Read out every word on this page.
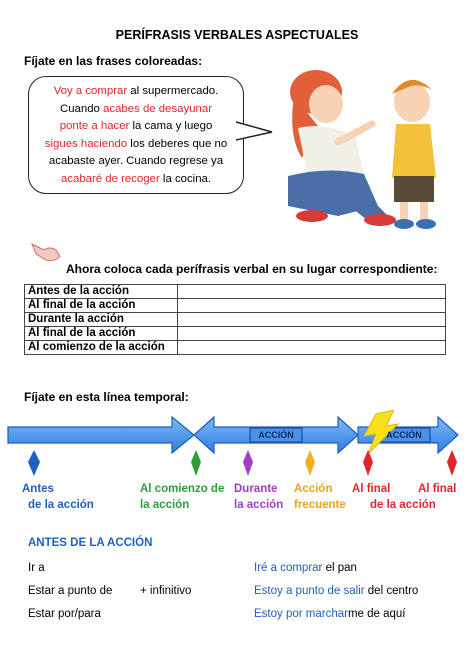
PERÍFRASIS VERBALES ASPECTUALES
Fíjate en las frases coloreadas:
Voy a comprar al supermercado.
Cuando acabes de desayunar
ponte a hacer la cama y luego
sigues haciendo los deberes que no
acabaste ayer. Cuando regrese ya
acabaré de recoger la cocina.
Ahora coloca cada perífrasis verbal en su lugar correspondiente:
Antes de la acción	
Al final de la acción	
Durante la acción	
Al final de la acción	
Al comienzo de la acción	
Fíjate en esta línea temporal:
ACCIÓN	ACCIÓN
Antes
de la acción
Al comienzo de
la acción
Durante
la acción
Acción
frecuente
Al final
de la acción
Al final
ANTES DE LA ACCIÓN
Ir a	Iré a comprar el pan
Estar a punto de + infinitivo	Estoy a punto de salir del centro
Estar por/para	Estoy por marcharme de aquí
